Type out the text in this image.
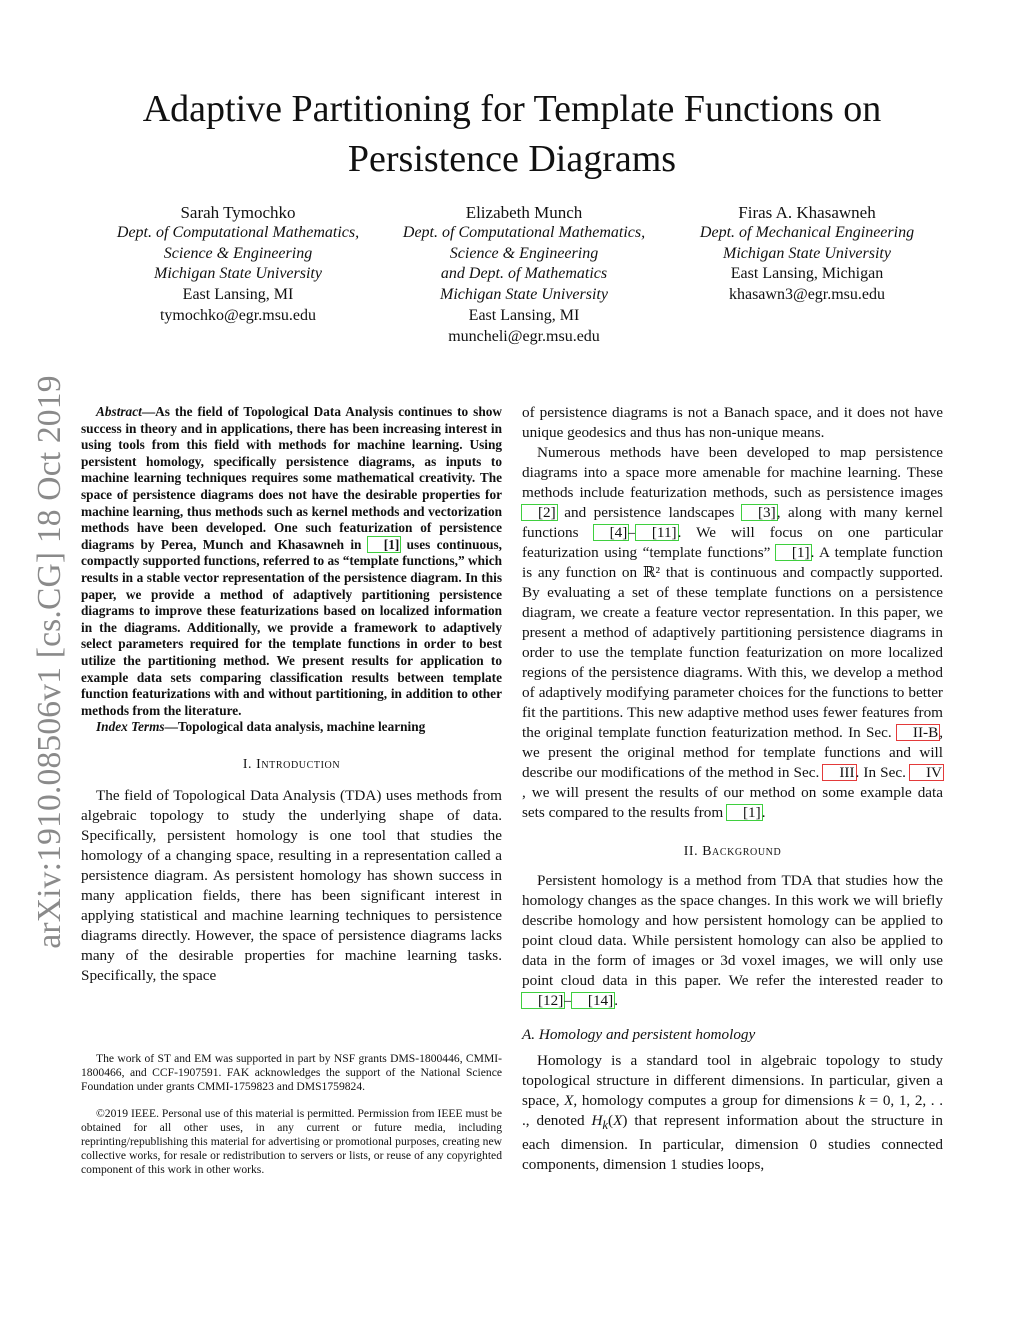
Adaptive Partitioning for Template Functions on
Persistence Diagrams
Sarah Tymochko
Dept. of Computational Mathematics,
Science & Engineering
Michigan State University
East Lansing, MI
tymochko@egr.msu.edu
Elizabeth Munch
Dept. of Computational Mathematics,
Science & Engineering
and Dept. of Mathematics
Michigan State University
East Lansing, MI
muncheli@egr.msu.edu
Firas A. Khasawneh
Dept. of Mechanical Engineering
Michigan State University
East Lansing, Michigan
khasawn3@egr.msu.edu
arXiv:1910.08506v1 [cs.CG] 18 Oct 2019	Abstract—As the field of Topological Data Analysis continues to show success in theory and in applications, there has been increasing interest in using tools from this field with methods for machine learning. Using persistent homology, specifically persistence diagrams, as inputs to machine learning techniques requires some mathematical creativity. The space of persistence diagrams does not have the desirable properties for machine learning, thus methods such as kernel methods and vectorization methods have been developed. One such featurization of persistence diagrams by Perea, Munch and Khasawneh in [1] uses continuous, compactly supported functions, referred to as “template functions,” which results in a stable vector representation of the persistence diagram. In this paper, we provide a method of adaptively partitioning persistence diagrams to improve these featurizations based on localized information in the diagrams. Additionally, we provide a framework to adaptively select parameters required for the template functions in order to best utilize the partitioning method. We present results for application to example data sets comparing classification results between template function featurizations with and without partitioning, in addition to other methods from the literature.

Index Terms—Topological data analysis, machine learning

I. Introduction

The field of Topological Data Analysis (TDA) uses methods from algebraic topology to study the underlying shape of data. Specifically, persistent homology is one tool that studies the homology of a changing space, resulting in a representation called a persistence diagram. As persistent homology has shown success in many application fields, there has been significant interest in applying statistical and machine learning techniques to persistence diagrams directly. However, the space of persistence diagrams lacks many of the desirable properties for machine learning tasks. Specifically, the space

The work of ST and EM was supported in part by NSF grants DMS-1800446, CMMI-1800466, and CCF-1907591. FAK acknowledges the support of the National Science Foundation under grants CMMI-1759823 and DMS1759824.

©2019 IEEE. Personal use of this material is permitted. Permission from IEEE must be obtained for all other uses, in any current or future media, including reprinting/republishing this material for advertising or promotional purposes, creating new collective works, for resale or redistribution to servers or lists, or reuse of any copyrighted component of this work in other works.

of persistence diagrams is not a Banach space, and it does not have unique geodesics and thus has non-unique means.

Numerous methods have been developed to map persistence diagrams into a space more amenable for machine learning. These methods include featurization methods, such as persistence images [2] and persistence landscapes [3], along with many kernel functions [4]– [11]. We will focus on one particular featurization using “template functions” [1]. A template function is any function on ℝ² that is continuous and compactly supported. By evaluating a set of these template functions on a persistence diagram, we create a feature vector representation. In this paper, we present a method of adaptively partitioning persistence diagrams in order to use the template function featurization on more localized regions of the persistence diagrams. With this, we develop a method of adaptively modifying parameter choices for the functions to better fit the partitions. This new adaptive method uses fewer features from the original template function featurization method. In Sec. II-B, we present the original method for template functions and will describe our modifications of the method in Sec. III. In Sec. IV, we will present the results of our method on some example data sets compared to the results from [1].

II. Background

Persistent homology is a method from TDA that studies how the homology changes as the space changes. In this work we will briefly describe homology and how persistent homology can be applied to point cloud data. While persistent homology can also be applied to data in the form of images or 3d voxel images, we will only use point cloud data in this paper. We refer the interested reader to [12]– [14].

A. Homology and persistent homology

Homology is a standard tool in algebraic topology to study topological structure in different dimensions. In particular, given a space, X, homology computes a group for dimensions k = 0, 1, 2, . . ., denoted $H_k(X)$ that represent information about the structure in each dimension. In particular, dimension 0 studies connected components, dimension 1 studies loops,
